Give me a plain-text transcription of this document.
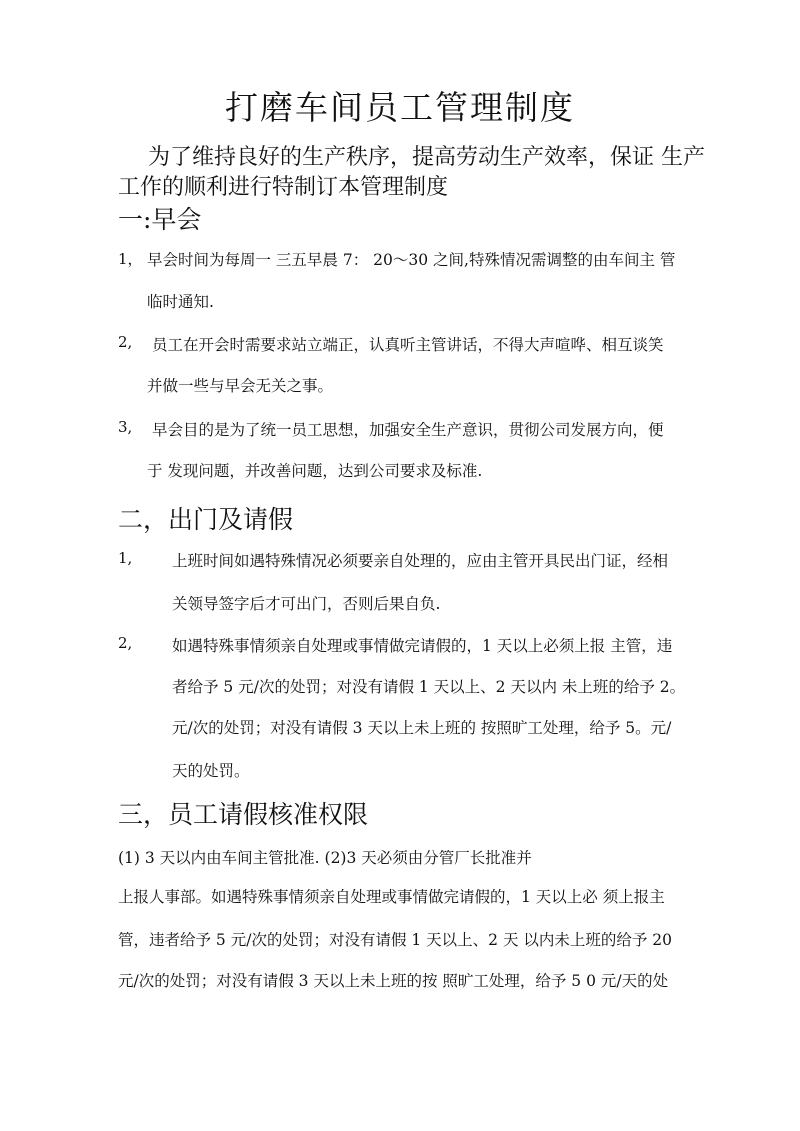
打磨车间员工管理制度
为了维持良好的生产秩序，提高劳动生产效率，保证 生产
工作的顺利进行特制订本管理制度
一:早会
1， 早会时间为每周一 三五早晨 7： 20〜30 之间,特殊情况需调整的由车间主 管
临时通知.
2, 员工在开会时需要求站立端正，认真听主管讲话，不得大声喧哗、相互谈笑
并做一些与早会无关之事。
3, 早会目的是为了统一员工思想，加强安全生产意识，贯彻公司发展方向，便
于 发现问题，并改善问题，达到公司要求及标准.
二，出门及请假
1,	上班时间如遇特殊情况必须要亲自处理的，应由主管开具民出门证，经相
关领导签字后才可出门，否则后果自负.
2,	如遇特殊事情须亲自处理或事情做完请假的，1 天以上必须上报 主管，违
者给予 5 元/次的处罚；对没有请假 1 天以上、2 天以内 未上班的给予 2。
元/次的处罚；对没有请假 3 天以上未上班的 按照旷工处理，给予 5。元/
天的处罚。
三，员工请假核准权限
(1) 3 天以内由车间主管批准. (2)3 天必须由分管厂长批准并
上报人事部。如遇特殊事情须亲自处理或事情做完请假的，1 天以上必 须上报主
管，违者给予 5 元/次的处罚；对没有请假 1 天以上、2 天 以内未上班的给予 20
元/次的处罚；对没有请假 3 天以上未上班的按 照旷工处理，给予 5 0 元/天的处
